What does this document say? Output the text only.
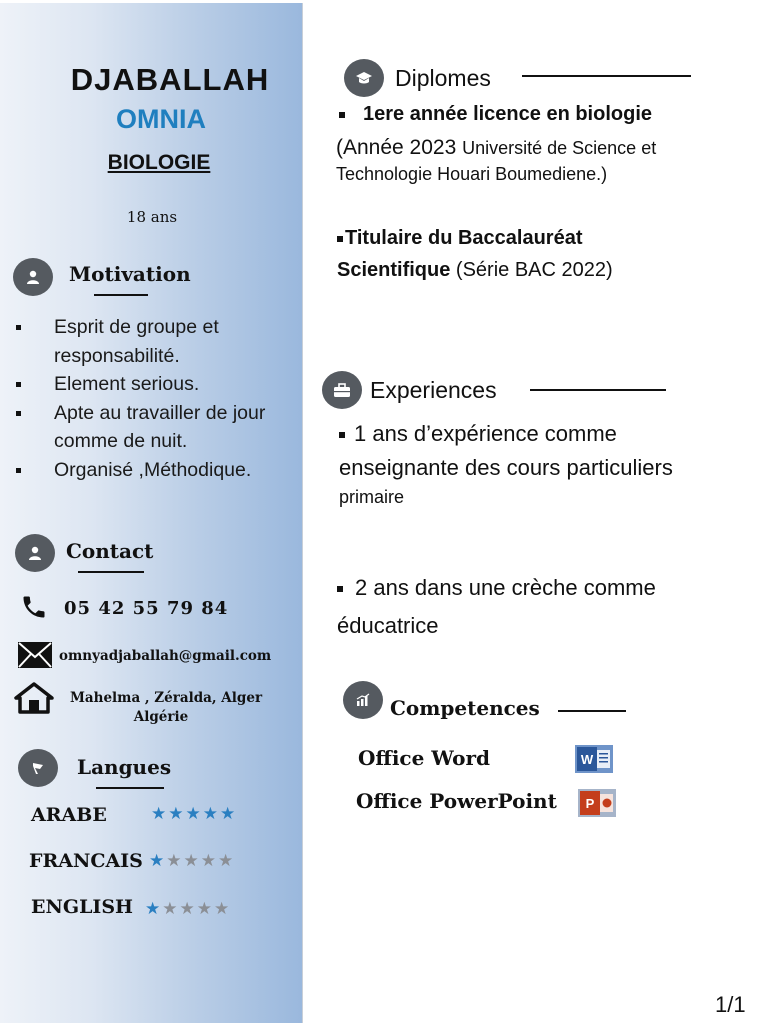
DJABALLAH
OMNIA
BIOLOGIE
18 ans
Motivation
Esprit de groupe et responsabilité.
Element serious.
Apte au travailler de jour comme de nuit.
Organisé ,Méthodique.
Contact
05 42 55 79 84
omnyadjaballah@gmail.com
Mahelma , Zéralda, Alger
Algérie
Langues
ARABE	★★★★★
FRANCAIS ★★★★★
ENGLISH ★★★★★
Diplomes
1ere année licence en biologie
(Année 2023 Université de Science et
Technologie Houari Boumediene.)
Titulaire du Baccalauréat
Scientifique (Série BAC 2022)
Experiences
1 ans d’expérience comme
enseignante des cours particuliers
$^{primaire}$
2 ans dans une crèche comme
éducatrice
Competences
Office Word	W
Office PowerPoint P
1/1
